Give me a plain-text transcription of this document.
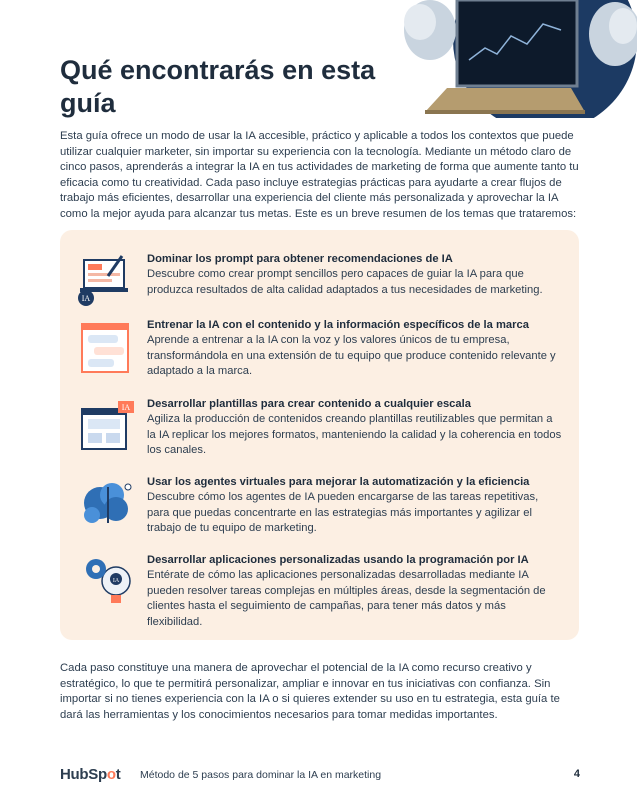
Qué encontrarás en esta guía
Esta guía ofrece un modo de usar la IA accesible, práctico y aplicable a todos los contextos que puede utilizar cualquier marketer, sin importar su experiencia con la tecnología. Mediante un método claro de cinco pasos, aprenderás a integrar la IA en tus actividades de marketing de forma que aumente tanto tu eficacia como tu creatividad. Cada paso incluye estrategias prácticas para ayudarte a crear flujos de trabajo más eficientes, desarrollar una experiencia del cliente más personalizada y aprovechar la IA como la mejor ayuda para alcanzar tus metas. Este es un breve resumen de los temas que trataremos:
IA
Dominar los prompt para obtener recomendaciones de IA
Descubre como crear prompt sencillos pero capaces de guiar la IA para que produzca resultados de alta calidad adaptados a tus necesidades de marketing.
Entrenar la IA con el contenido y la información específicos de la marca
Aprende a entrenar a la IA con la voz y los valores únicos de tu empresa, transformándola en una extensión de tu equipo que produce contenido relevante y adaptado a la marca.
IA Desarrollar plantillas para crear contenido a cualquier escala
Agiliza la producción de contenidos creando plantillas reutilizables que permitan a la IA replicar los mejores formatos, manteniendo la calidad y la coherencia en todos los canales.
Usar los agentes virtuales para mejorar la automatización y la eficiencia
Descubre cómo los agentes de IA pueden encargarse de las tareas repetitivas, para que puedas concentrarte en las estrategias más importantes y agilizar el trabajo de tu equipo de marketing.
IA
Desarrollar aplicaciones personalizadas usando la programación por IA
Entérate de cómo las aplicaciones personalizadas desarrolladas mediante IA pueden resolver tareas complejas en múltiples áreas, desde la segmentación de clientes hasta el seguimiento de campañas, para tener más datos y más flexibilidad.
Cada paso constituye una manera de aprovechar el potencial de la IA como recurso creativo y estratégico, lo que te permitirá personalizar, ampliar e innovar en tus iniciativas con confianza. Sin importar si no tienes experiencia con la IA o si quieres extender su uso en tu estrategia, esta guía te dará las herramientas y los conocimientos necesarios para tomar medidas importantes.
HubSpot Método de 5 pasos para dominar la IA en marketing	4
